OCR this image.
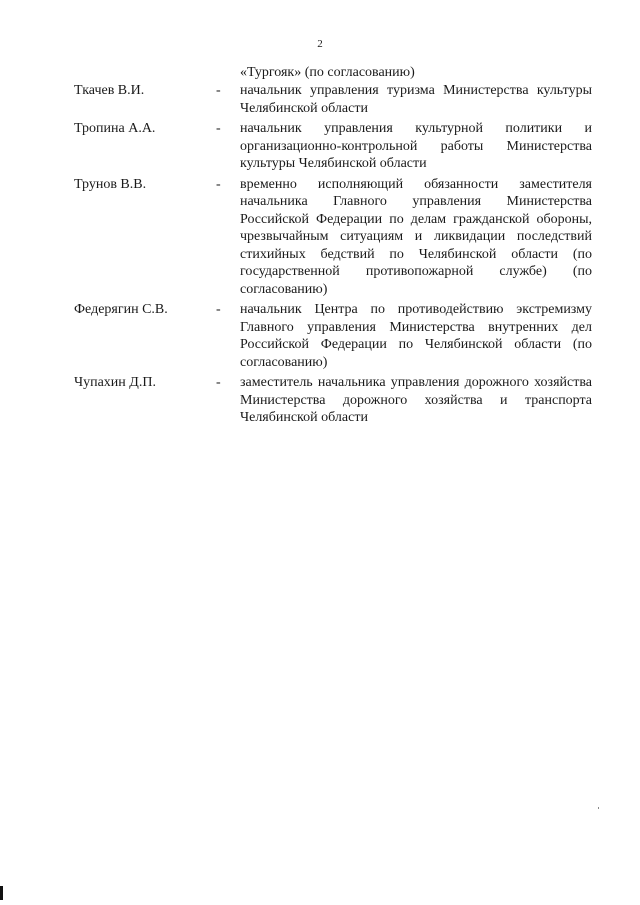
2
«Тургояк» (по согласованию)
Ткачев В.И.	-	начальник управления туризма Министерства культуры Челябинской области
Тропина А.А.	-	начальник управления культурной политики и организационно-контрольной работы Министерства культуры Челябинской области
Трунов В.В.	-	временно исполняющий обязанности заместителя начальника Главного управления Министерства Российской Федерации по делам гражданской обороны, чрезвычайным ситуациям и ликвидации последствий стихийных бедствий по Челябинской области (по государственной противопожарной службе) (по согласованию)
Федерягин С.В.	-	начальник Центра по противодействию экстремизму Главного управления Министерства внутренних дел Российской Федерации по Челябинской области (по согласованию)
Чупахин Д.П.	-	заместитель начальника управления дорожного хозяйства Министерства дорожного хозяйства и транспорта Челябинской области
